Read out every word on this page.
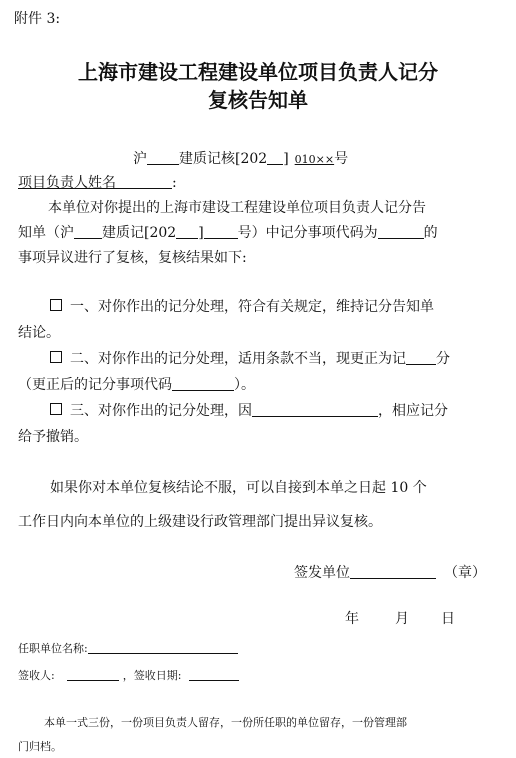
附件 3:
上海市建设工程建设单位项目负责人记分
复核告知单
沪 建质记核[202 ] 010××号
项目负责人姓名	:
本单位对你提出的上海市建设工程建设单位项目负责人记分告
知单（沪 建质记[202 ] 号）中记分事项代码为	的
事项异议进行了复核，复核结果如下:
一、对你作出的记分处理，符合有关规定，维持记分告知单
结论。
二、对你作出的记分处理，适用条款不当，现更正为记 分
（更正后的记分事项代码	）。
三、对你作出的记分处理，因	，相应记分
给予撤销。
如果你对本单位复核结论不服，可以自接到本单之日起 10 个
工作日内向本单位的上级建设行政管理部门提出异议复核。
签发单位	（章）
年	月 日
任职单位名称:
签收人:	，签收日期:
本单一式三份，一份项目负责人留存，一份所任职的单位留存，一份管理部
门归档。
